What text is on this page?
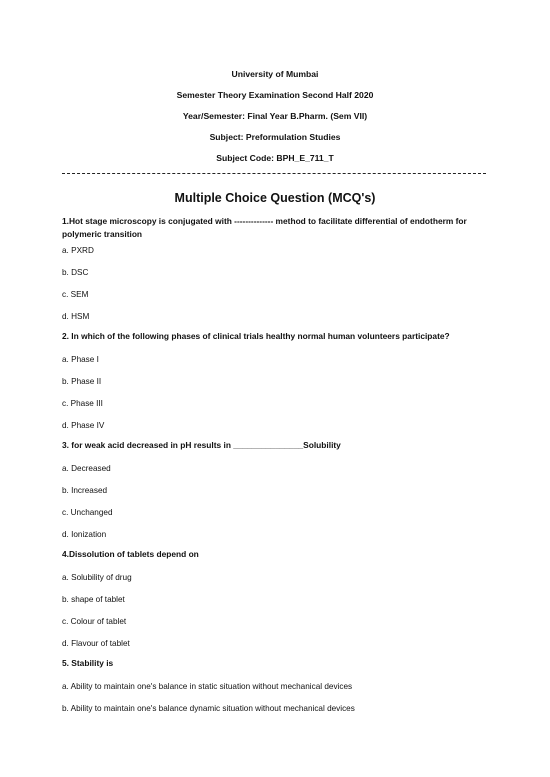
University of Mumbai
Semester Theory Examination Second Half 2020
Year/Semester: Final Year B.Pharm. (Sem VII)
Subject: Preformulation Studies
Subject Code: BPH_E_711_T
Multiple Choice Question (MCQ's)
1.Hot stage microscopy is conjugated with -------------- method to facilitate differential of endotherm for polymeric transition
a. PXRD
b. DSC
c. SEM
d. HSM
2. In which of the following phases of clinical trials healthy normal human volunteers participate?
a. Phase I
b. Phase II
c. Phase III
d. Phase IV
3. for weak acid decreased in pH results in _______________Solubility
a. Decreased
b. Increased
c. Unchanged
d. Ionization
4.Dissolution of tablets depend on
a. Solubility of drug
b. shape of tablet
c. Colour of tablet
d. Flavour of tablet
5. Stability is
a. Ability to maintain one's balance in static situation without mechanical devices
b. Ability to maintain one's balance dynamic situation without mechanical devices
